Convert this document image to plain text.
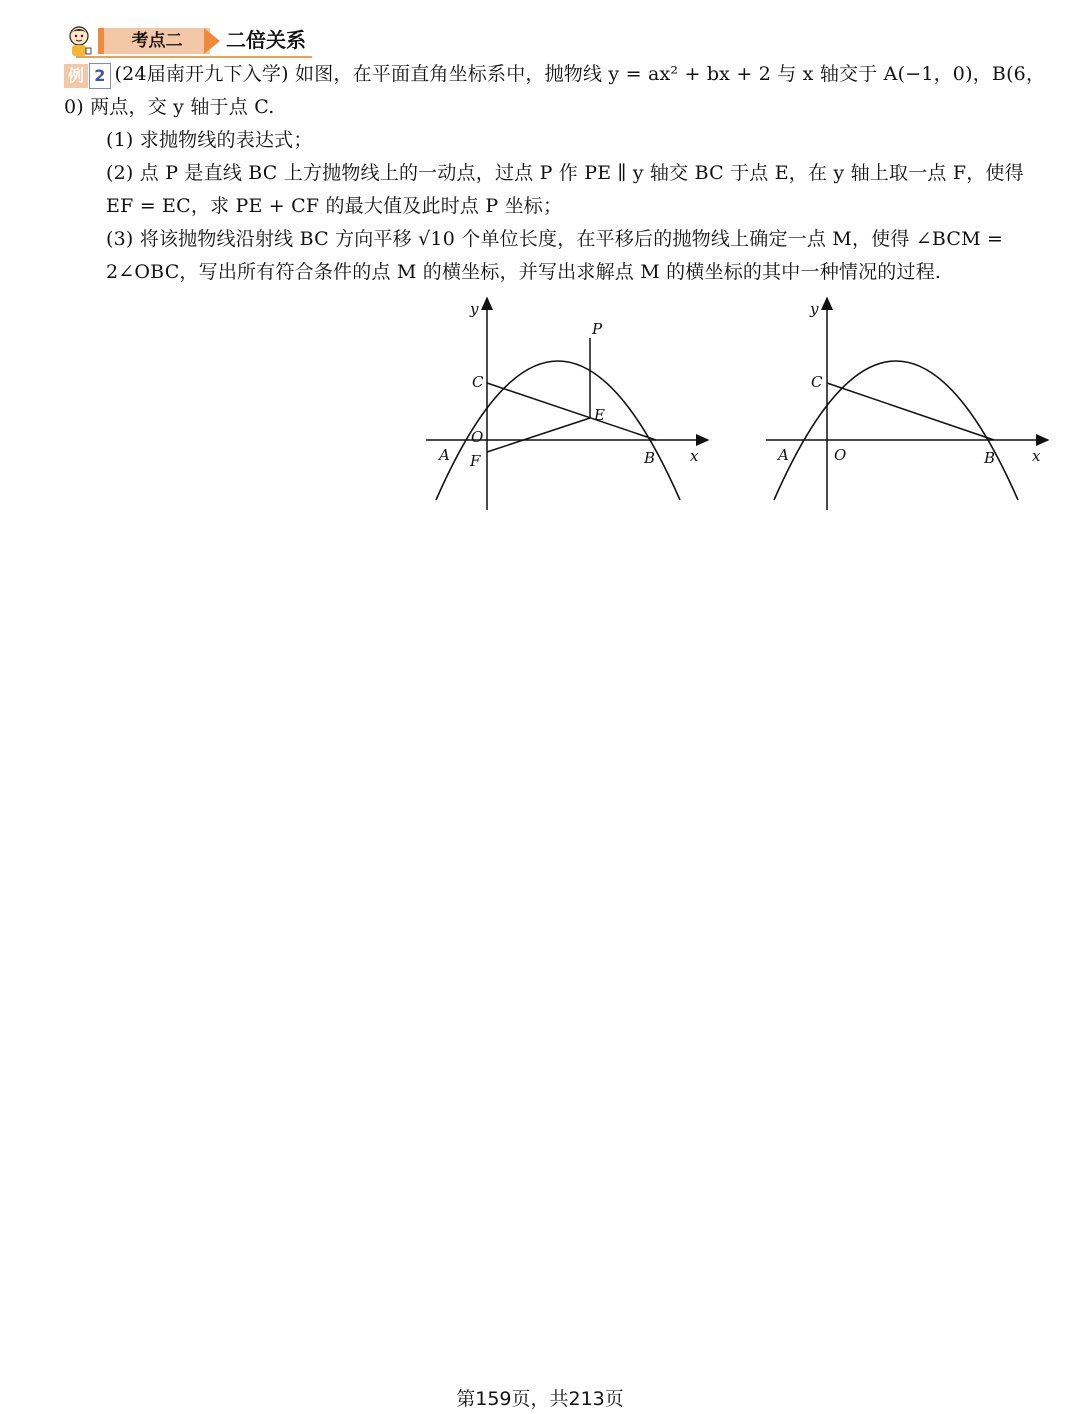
考点二	二倍关系

例 2 (24届南开九下入学) 如图，在平面直角坐标系中，抛物线 y = ax² + bx + 2 与 x 轴交于 A(−1，0)，B(6，0) 两点，交 y 轴于点 C.

(1) 求抛物线的表达式；

(2) 点 P 是直线 BC 上方抛物线上的一动点，过点 P 作 PE ∥ y 轴交 BC 于点 E，在 y 轴上取一点 F，使得 EF = EC，求 PE + CF 的最大值及此时点 P 坐标；

(3) 将该抛物线沿射线 BC 方向平移 √10 个单位长度，在平移后的抛物线上确定一点 M，使得 ∠BCM = 2∠OBC，写出所有符合条件的点 M 的横坐标，并写出求解点 M 的横坐标的其中一种情况的过程.

y
x
C
P
E
O
F
A	B
y
x
C
O
A	B
第159页，共213页
